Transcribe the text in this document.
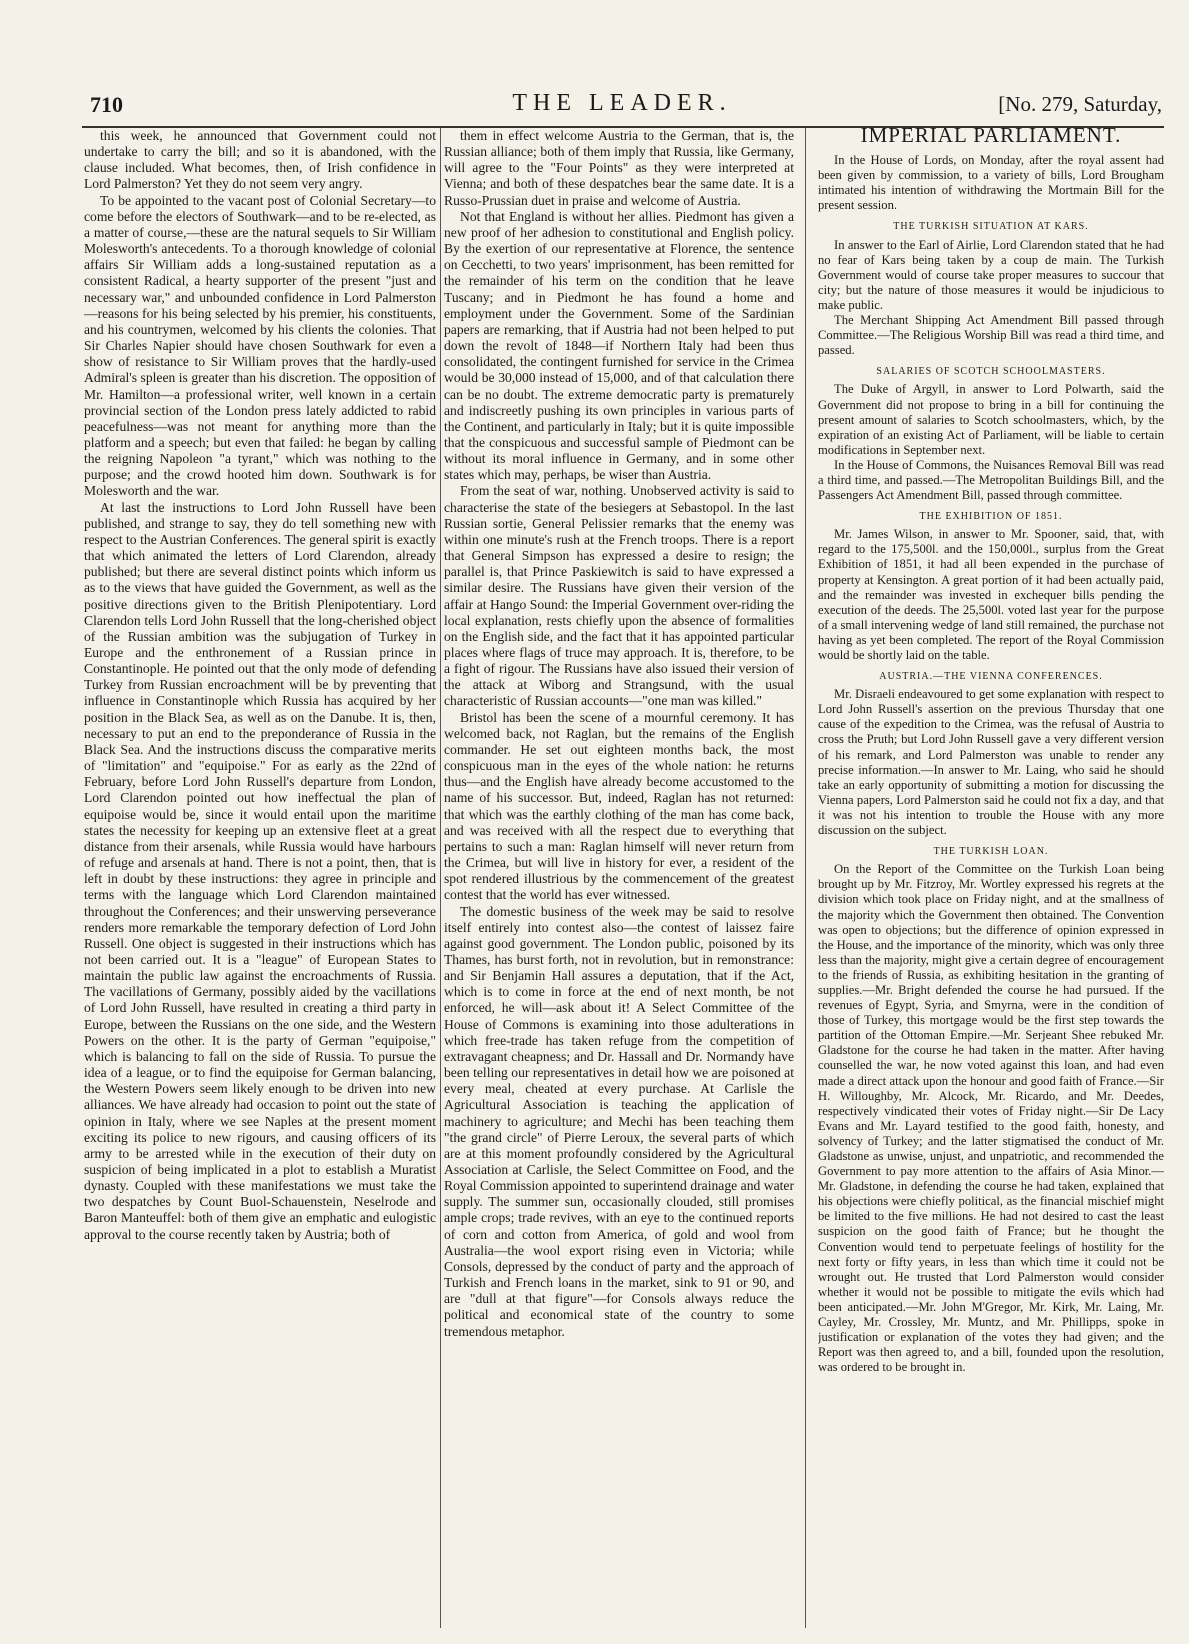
710	THE LEADER.	[No. 279, Saturday,

this week, he announced that Government could not undertake to carry the bill; and so it is abandoned, with the clause included. What becomes, then, of Irish confidence in Lord Palmerston? Yet they do not seem very angry.

To be appointed to the vacant post of Colonial Secretary—to come before the electors of Southwark—and to be re-elected, as a matter of course,—these are the natural sequels to Sir William Molesworth's antecedents. To a thorough knowledge of colonial affairs Sir William adds a long-sustained reputation as a consistent Radical, a hearty supporter of the present "just and necessary war," and unbounded confidence in Lord Palmerston—reasons for his being selected by his premier, his constituents, and his countrymen, welcomed by his clients the colonies. That Sir Charles Napier should have chosen Southwark for even a show of resistance to Sir William proves that the hardly-used Admiral's spleen is greater than his discretion. The opposition of Mr. Hamilton—a professional writer, well known in a certain provincial section of the London press lately addicted to rabid peacefulness—was not meant for anything more than the platform and a speech; but even that failed: he began by calling the reigning Napoleon "a tyrant," which was nothing to the purpose; and the crowd hooted him down. Southwark is for Molesworth and the war.

At last the instructions to Lord John Russell have been published, and strange to say, they do tell something new with respect to the Austrian Conferences. The general spirit is exactly that which animated the letters of Lord Clarendon, already published; but there are several distinct points which inform us as to the views that have guided the Government, as well as the positive directions given to the British Plenipotentiary. Lord Clarendon tells Lord John Russell that the long-cherished object of the Russian ambition was the subjugation of Turkey in Europe and the enthronement of a Russian prince in Constantinople. He pointed out that the only mode of defending Turkey from Russian encroachment will be by preventing that influence in Constantinople which Russia has acquired by her position in the Black Sea, as well as on the Danube. It is, then, necessary to put an end to the preponderance of Russia in the Black Sea. And the instructions discuss the comparative merits of "limitation" and "equipoise." For as early as the 22nd of February, before Lord John Russell's departure from London, Lord Clarendon pointed out how ineffectual the plan of equipoise would be, since it would entail upon the maritime states the necessity for keeping up an extensive fleet at a great distance from their arsenals, while Russia would have harbours of refuge and arsenals at hand. There is not a point, then, that is left in doubt by these instructions: they agree in principle and terms with the language which Lord Clarendon maintained throughout the Conferences; and their unswerving perseverance renders more remarkable the temporary defection of Lord John Russell. One object is suggested in their instructions which has not been carried out. It is a "league" of European States to maintain the public law against the encroachments of Russia. The vacillations of Germany, possibly aided by the vacillations of Lord John Russell, have resulted in creating a third party in Europe, between the Russians on the one side, and the Western Powers on the other. It is the party of German "equipoise," which is balancing to fall on the side of Russia. To pursue the idea of a league, or to find the equipoise for German balancing, the Western Powers seem likely enough to be driven into new alliances. We have already had occasion to point out the state of opinion in Italy, where we see Naples at the present moment exciting its police to new rigours, and causing officers of its army to be arrested while in the execution of their duty on suspicion of being implicated in a plot to establish a Muratist dynasty. Coupled with these manifestations we must take the two despatches by Count Buol-Schauenstein, Neselrode and Baron Manteuffel: both of them give an emphatic and eulogistic approval to the course recently taken by Austria; both of

them in effect welcome Austria to the German, that is, the Russian alliance; both of them imply that Russia, like Germany, will agree to the "Four Points" as they were interpreted at Vienna; and both of these despatches bear the same date. It is a Russo-Prussian duet in praise and welcome of Austria.

Not that England is without her allies. Piedmont has given a new proof of her adhesion to constitutional and English policy. By the exertion of our representative at Florence, the sentence on Cecchetti, to two years' imprisonment, has been remitted for the remainder of his term on the condition that he leave Tuscany; and in Piedmont he has found a home and employment under the Government. Some of the Sardinian papers are remarking, that if Austria had not been helped to put down the revolt of 1848—if Northern Italy had been thus consolidated, the contingent furnished for service in the Crimea would be 30,000 instead of 15,000, and of that calculation there can be no doubt. The extreme democratic party is prematurely and indiscreetly pushing its own principles in various parts of the Continent, and particularly in Italy; but it is quite impossible that the conspicuous and successful sample of Piedmont can be without its moral influence in Germany, and in some other states which may, perhaps, be wiser than Austria.

From the seat of war, nothing. Unobserved activity is said to characterise the state of the besiegers at Sebastopol. In the last Russian sortie, General Pelissier remarks that the enemy was within one minute's rush at the French troops. There is a report that General Simpson has expressed a desire to resign; the parallel is, that Prince Paskiewitch is said to have expressed a similar desire. The Russians have given their version of the affair at Hango Sound: the Imperial Government over-riding the local explanation, rests chiefly upon the absence of formalities on the English side, and the fact that it has appointed particular places where flags of truce may approach. It is, therefore, to be a fight of rigour. The Russians have also issued their version of the attack at Wiborg and Strangsund, with the usual characteristic of Russian accounts—"one man was killed."

Bristol has been the scene of a mournful ceremony. It has welcomed back, not Raglan, but the remains of the English commander. He set out eighteen months back, the most conspicuous man in the eyes of the whole nation: he returns thus—and the English have already become accustomed to the name of his successor. But, indeed, Raglan has not returned: that which was the earthly clothing of the man has come back, and was received with all the respect due to everything that pertains to such a man: Raglan himself will never return from the Crimea, but will live in history for ever, a resident of the spot rendered illustrious by the commencement of the greatest contest that the world has ever witnessed.

The domestic business of the week may be said to resolve itself entirely into contest also—the contest of laissez faire against good government. The London public, poisoned by its Thames, has burst forth, not in revolution, but in remonstrance: and Sir Benjamin Hall assures a deputation, that if the Act, which is to come in force at the end of next month, be not enforced, he will—ask about it! A Select Committee of the House of Commons is examining into those adulterations in which free-trade has taken refuge from the competition of extravagant cheapness; and Dr. Hassall and Dr. Normandy have been telling our representatives in detail how we are poisoned at every meal, cheated at every purchase. At Carlisle the Agricultural Association is teaching the application of machinery to agriculture; and Mechi has been teaching them "the grand circle" of Pierre Leroux, the several parts of which are at this moment profoundly considered by the Agricultural Association at Carlisle, the Select Committee on Food, and the Royal Commission appointed to superintend drainage and water supply. The summer sun, occasionally clouded, still promises ample crops; trade revives, with an eye to the continued reports of corn and cotton from America, of gold and wool from Australia—the wool export rising even in Victoria; while Consols, depressed by the conduct of party and the approach of Turkish and French loans in the market, sink to 91 or 90, and are "dull at that figure"—for Consols always reduce the political and economical state of the country to some tremendous metaphor.

IMPERIAL PARLIAMENT.

In the House of Lords, on Monday, after the royal assent had been given by commission, to a variety of bills, Lord Brougham intimated his intention of withdrawing the Mortmain Bill for the present session.

THE TURKISH SITUATION AT KARS.

In answer to the Earl of Airlie, Lord Clarendon stated that he had no fear of Kars being taken by a coup de main. The Turkish Government would of course take proper measures to succour that city; but the nature of those measures it would be injudicious to make public.

The Merchant Shipping Act Amendment Bill passed through Committee.—The Religious Worship Bill was read a third time, and passed.

SALARIES OF SCOTCH SCHOOLMASTERS.

The Duke of Argyll, in answer to Lord Polwarth, said the Government did not propose to bring in a bill for continuing the present amount of salaries to Scotch schoolmasters, which, by the expiration of an existing Act of Parliament, will be liable to certain modifications in September next.

In the House of Commons, the Nuisances Removal Bill was read a third time, and passed.—The Metropolitan Buildings Bill, and the Passengers Act Amendment Bill, passed through committee.

THE EXHIBITION OF 1851.

Mr. James Wilson, in answer to Mr. Spooner, said, that, with regard to the 175,500l. and the 150,000l., surplus from the Great Exhibition of 1851, it had all been expended in the purchase of property at Kensington. A great portion of it had been actually paid, and the remainder was invested in exchequer bills pending the execution of the deeds. The 25,500l. voted last year for the purpose of a small intervening wedge of land still remained, the purchase not having as yet been completed. The report of the Royal Commission would be shortly laid on the table.

AUSTRIA.—THE VIENNA CONFERENCES.

Mr. Disraeli endeavoured to get some explanation with respect to Lord John Russell's assertion on the previous Thursday that one cause of the expedition to the Crimea, was the refusal of Austria to cross the Pruth; but Lord John Russell gave a very different version of his remark, and Lord Palmerston was unable to render any precise information.—In answer to Mr. Laing, who said he should take an early opportunity of submitting a motion for discussing the Vienna papers, Lord Palmerston said he could not fix a day, and that it was not his intention to trouble the House with any more discussion on the subject.

THE TURKISH LOAN.

On the Report of the Committee on the Turkish Loan being brought up by Mr. Fitzroy, Mr. Wortley expressed his regrets at the division which took place on Friday night, and at the smallness of the majority which the Government then obtained. The Convention was open to objections; but the difference of opinion expressed in the House, and the importance of the minority, which was only three less than the majority, might give a certain degree of encouragement to the friends of Russia, as exhibiting hesitation in the granting of supplies.—Mr. Bright defended the course he had pursued. If the revenues of Egypt, Syria, and Smyrna, were in the condition of those of Turkey, this mortgage would be the first step towards the partition of the Ottoman Empire.—Mr. Serjeant Shee rebuked Mr. Gladstone for the course he had taken in the matter. After having counselled the war, he now voted against this loan, and had even made a direct attack upon the honour and good faith of France.—Sir H. Willoughby, Mr. Alcock, Mr. Ricardo, and Mr. Deedes, respectively vindicated their votes of Friday night.—Sir De Lacy Evans and Mr. Layard testified to the good faith, honesty, and solvency of Turkey; and the latter stigmatised the conduct of Mr. Gladstone as unwise, unjust, and unpatriotic, and recommended the Government to pay more attention to the affairs of Asia Minor.—Mr. Gladstone, in defending the course he had taken, explained that his objections were chiefly political, as the financial mischief might be limited to the five millions. He had not desired to cast the least suspicion on the good faith of France; but he thought the Convention would tend to perpetuate feelings of hostility for the next forty or fifty years, in less than which time it could not be wrought out. He trusted that Lord Palmerston would consider whether it would not be possible to mitigate the evils which had been anticipated.—Mr. John M'Gregor, Mr. Kirk, Mr. Laing, Mr. Cayley, Mr. Crossley, Mr. Muntz, and Mr. Phillipps, spoke in justification or explanation of the votes they had given; and the Report was then agreed to, and a bill, founded upon the resolution, was ordered to be brought in.
